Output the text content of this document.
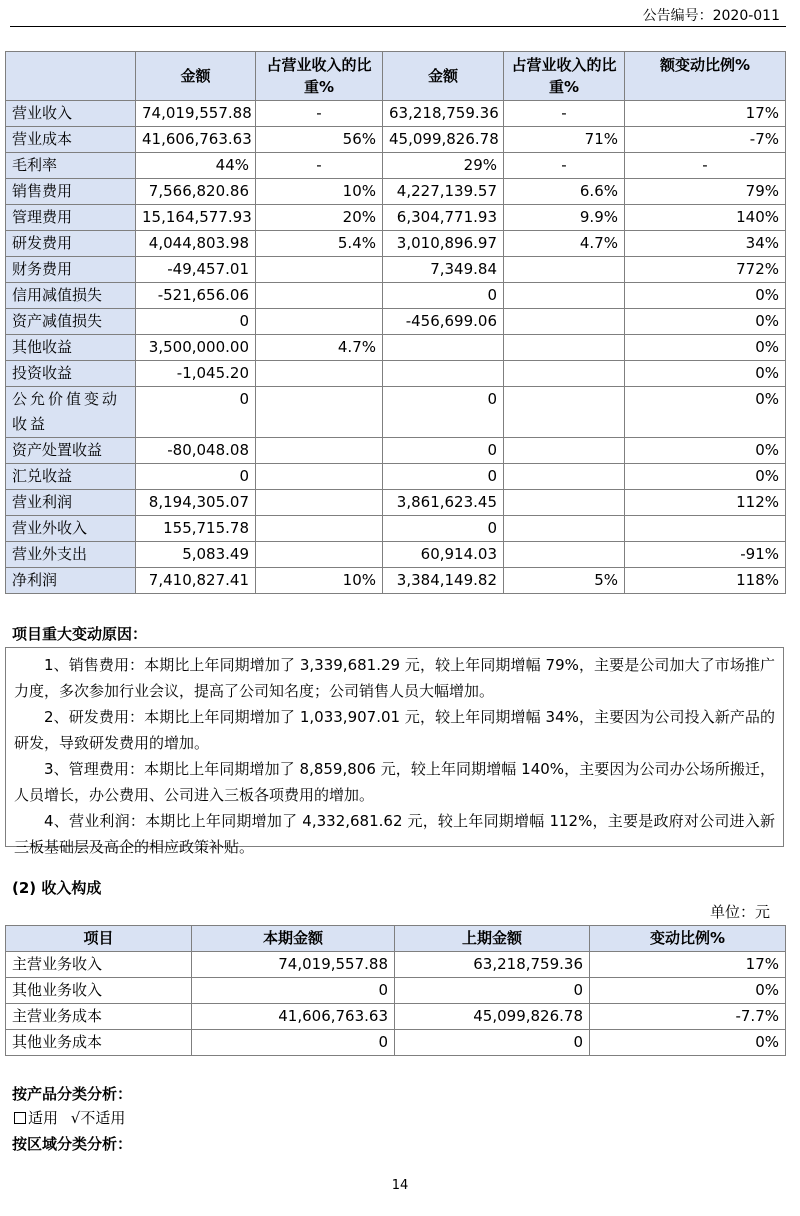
公告编号：2020-011
	金额	占营业收入的比重%	金额	占营业收入的比重%	额变动比例%
营业收入	74,019,557.88	-	63,218,759.36	-	17%
营业成本	41,606,763.63	56%	45,099,826.78	71%	-7%
毛利率	44%	-	29%	-	-
销售费用	7,566,820.86	10%	4,227,139.57	6.6%	79%
管理费用	15,164,577.93	20%	6,304,771.93	9.9%	140%
研发费用	4,044,803.98	5.4%	3,010,896.97	4.7%	34%
财务费用	-49,457.01		7,349.84		772%
信用减值损失	-521,656.06		0		0%
资产减值损失	0		-456,699.06		0%
其他收益	3,500,000.00	4.7%			0%
投资收益	-1,045.20				0%
公允价值变动收益	0		0		0%
资产处置收益	-80,048.08		0		0%
汇兑收益	0		0		0%
营业利润	8,194,305.07		3,861,623.45		112%
营业外收入	155,715.78		0		
营业外支出	5,083.49		60,914.03		-91%
净利润	7,410,827.41	10%	3,384,149.82	5%	118%
项目重大变动原因：

1、销售费用：本期比上年同期增加了 3,339,681.29 元，较上年同期增幅 79%，主要是公司加大了市场推广力度，多次参加行业会议，提高了公司知名度；公司销售人员大幅增加。

2、研发费用：本期比上年同期增加了 1,033,907.01 元，较上年同期增幅 34%，主要因为公司投入新产品的研发，导致研发费用的增加。

3、管理费用：本期比上年同期增加了 8,859,806 元，较上年同期增幅 140%，主要因为公司办公场所搬迁，人员增长，办公费用、公司进入三板各项费用的增加。

4、营业利润：本期比上年同期增加了 4,332,681.62 元，较上年同期增幅 112%，主要是政府对公司进入新三板基础层及高企的相应政策补贴。

(2) 收入构成
单位：元
项目	本期金额	上期金额	变动比例%
主营业务收入	74,019,557.88	63,218,759.36	17%
其他业务收入	0	0	0%
主营业务成本	41,606,763.63	45,099,826.78	-7.7%
其他业务成本	0	0	0%
按产品分类分析：
适用 √不适用
按区域分类分析：
14
